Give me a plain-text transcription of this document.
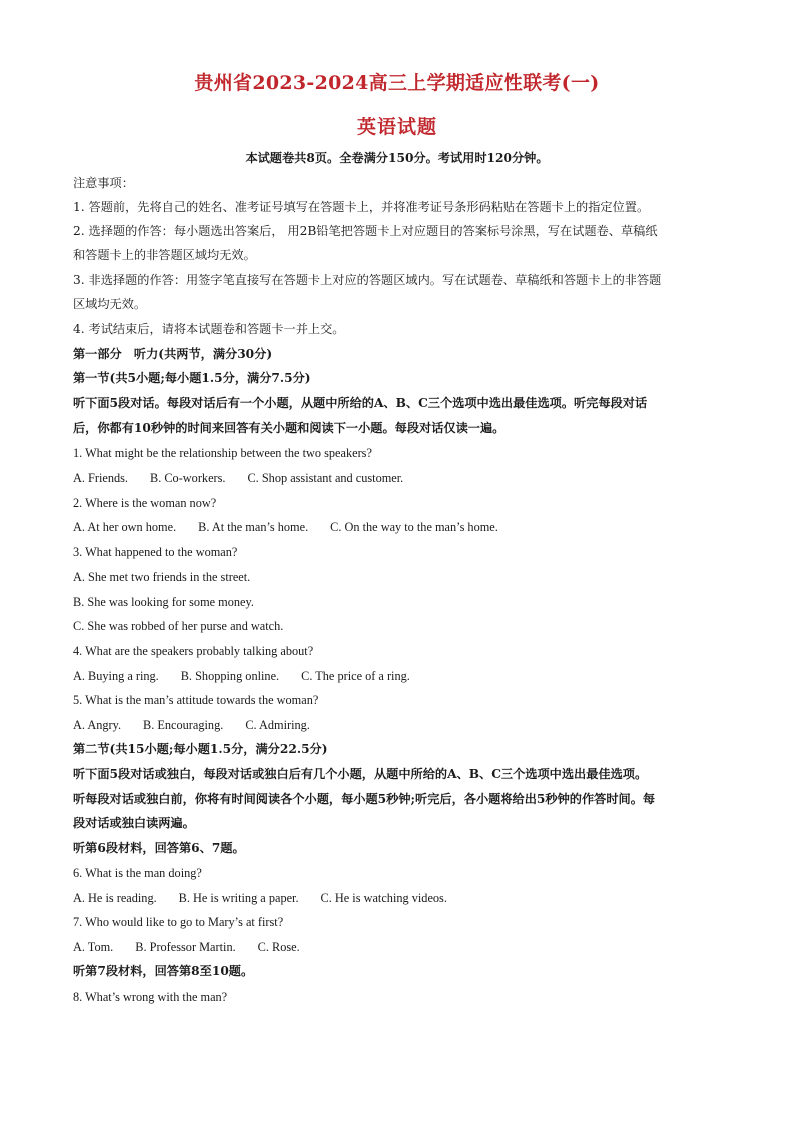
贵州省2023-2024高三上学期适应性联考(一)
英语试题
本试题卷共8页。全卷满分150分。考试用时120分钟。
注意事项：
1. 答题前，先将自己的姓名、准考证号填写在答题卡上，并将准考证号条形码粘贴在答题卡上的指定位置。
2. 选择题的作答：每小题选出答案后， 用2B铅笔把答题卡上对应题目的答案标号涂黑，写在试题卷、草稿纸
和答题卡上的非答题区域均无效。
3. 非选择题的作答：用签字笔直接写在答题卡上对应的答题区域内。写在试题卷、草稿纸和答题卡上的非答题
区域均无效。
4. 考试结束后，请将本试题卷和答题卡一并上交。
第一部分　听力(共两节，满分30分)
第一节(共5小题;每小题1.5分，满分7.5分)
听下面5段对话。每段对话后有一个小题，从题中所给的A、B、C三个选项中选出最佳选项。听完每段对话
后，你都有10秒钟的时间来回答有关小题和阅读下一小题。每段对话仅读一遍。
1. What might be the relationship between the two speakers?
A. Friends. B. Co-workers. C. Shop assistant and customer.
2. Where is the woman now?
A. At her own home. B. At the man’s home. C. On the way to the man’s home.
3. What happened to the woman?
A. She met two friends in the street.
B. She was looking for some money.
C. She was robbed of her purse and watch.
4. What are the speakers probably talking about?
A. Buying a ring. B. Shopping online. C. The price of a ring.
5. What is the man’s attitude towards the woman?
A. Angry. B. Encouraging. C. Admiring.
第二节(共15小题;每小题1.5分，满分22.5分)
听下面5段对话或独白，每段对话或独白后有几个小题，从题中所给的A、B、C三个选项中选出最佳选项。
听每段对话或独白前，你将有时间阅读各个小题，每小题5秒钟;听完后，各小题将给出5秒钟的作答时间。每
段对话或独白读两遍。
听第6段材料，回答第6、7题。
6. What is the man doing?
A. He is reading. B. He is writing a paper. C. He is watching videos.
7. Who would like to go to Mary’s at first?
A. Tom. B. Professor Martin. C. Rose.
听第7段材料，回答第8至10题。
8. What’s wrong with the man?
